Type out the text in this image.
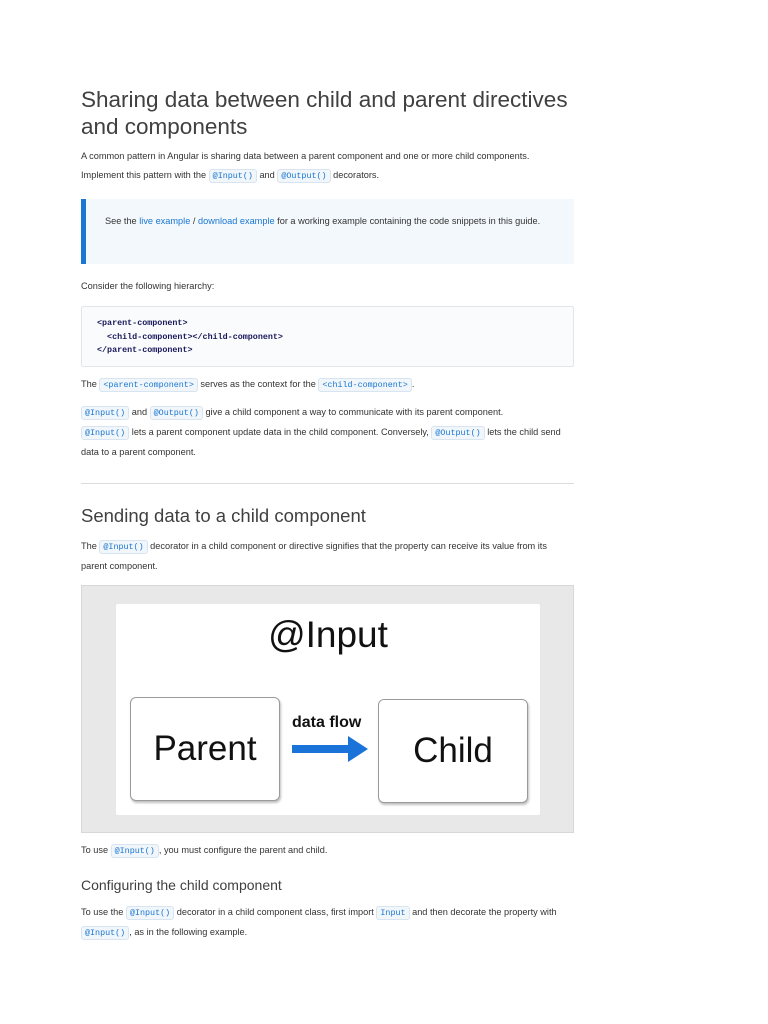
Sharing data between child and parent directives and components
A common pattern in Angular is sharing data between a parent component and one or more child components.
Implement this pattern with the @Input() and @Output() decorators.
See the live example / download example for a working example containing the code snippets in this guide.
Consider the following hierarchy:
<parent-component>
<child-component></child-component>
</parent-component>
The <parent-component> serves as the context for the <child-component> .
@Input() and @Output() give a child component a way to communicate with its parent component.
@Input() lets a parent component update data in the child component. Conversely, @Output() lets the child send data to a parent component.
Sending data to a child component
The @Input() decorator in a child component or directive signifies that the property can receive its value from its parent component.
@Input
Parent
data flow
Child
To use @Input() , you must configure the parent and child.
Configuring the child component
To use the @Input() decorator in a child component class, first import Input and then decorate the property with @Input() , as in the following example.
